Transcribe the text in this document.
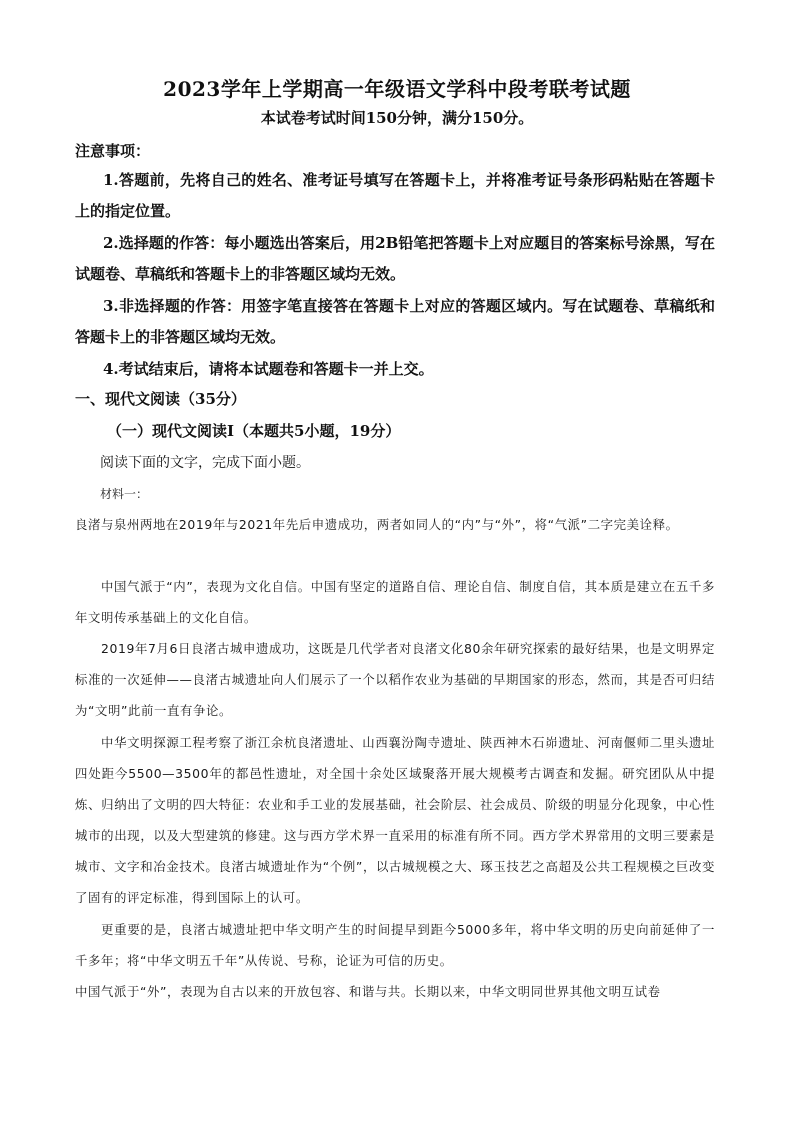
2023学年上学期高一年级语文学科中段考联考试题
本试卷考试时间150分钟，满分150分。
注意事项：

1.答题前，先将自己的姓名、准考证号填写在答题卡上，并将准考证号条形码粘贴在答题卡上的指定位置。

2.选择题的作答：每小题选出答案后，用2B铅笔把答题卡上对应题目的答案标号涂黑，写在试题卷、草稿纸和答题卡上的非答题区域均无效。

3.非选择题的作答：用签字笔直接答在答题卡上对应的答题区域内。写在试题卷、草稿纸和答题卡上的非答题区域均无效。

4.考试结束后，请将本试题卷和答题卡一并上交。

一、现代文阅读（35分）
（一）现代文阅读Ⅰ（本题共5小题，19分）
阅读下面的文字，完成下面小题。
材料一：

良渚与泉州两地在2019年与2021年先后申遗成功，两者如同人的“内”与“外”，将“气派”二字完美诠释。

中国气派于“内”，表现为文化自信。中国有坚定的道路自信、理论自信、制度自信，其本质是建立在五千多年文明传承基础上的文化自信。

2019年7月6日良渚古城申遗成功，这既是几代学者对良渚文化80余年研究探索的最好结果，也是文明界定标准的一次延伸——良渚古城遗址向人们展示了一个以稻作农业为基础的早期国家的形态，然而，其是否可归结为“文明”此前一直有争论。

中华文明探源工程考察了浙江余杭良渚遗址、山西襄汾陶寺遗址、陕西神木石峁遗址、河南偃师二里头遗址四处距今5500—3500年的都邑性遗址，对全国十余处区域聚落开展大规模考古调查和发掘。研究团队从中提炼、归纳出了文明的四大特征：农业和手工业的发展基础，社会阶层、社会成员、阶级的明显分化现象，中心性城市的出现，以及大型建筑的修建。这与西方学术界一直采用的标准有所不同。西方学术界常用的文明三要素是城市、文字和冶金技术。良渚古城遗址作为“个例”，以古城规模之大、琢玉技艺之高超及公共工程规模之巨改变了固有的评定标准，得到国际上的认可。

更重要的是，良渚古城遗址把中华文明产生的时间提早到距今5000多年，将中华文明的历史向前延伸了一千多年；将“中华文明五千年”从传说、号称，论证为可信的历史。

中国气派于“外”，表现为自古以来的开放包容、和谐与共。长期以来，中华文明同世界其他文明互试卷
